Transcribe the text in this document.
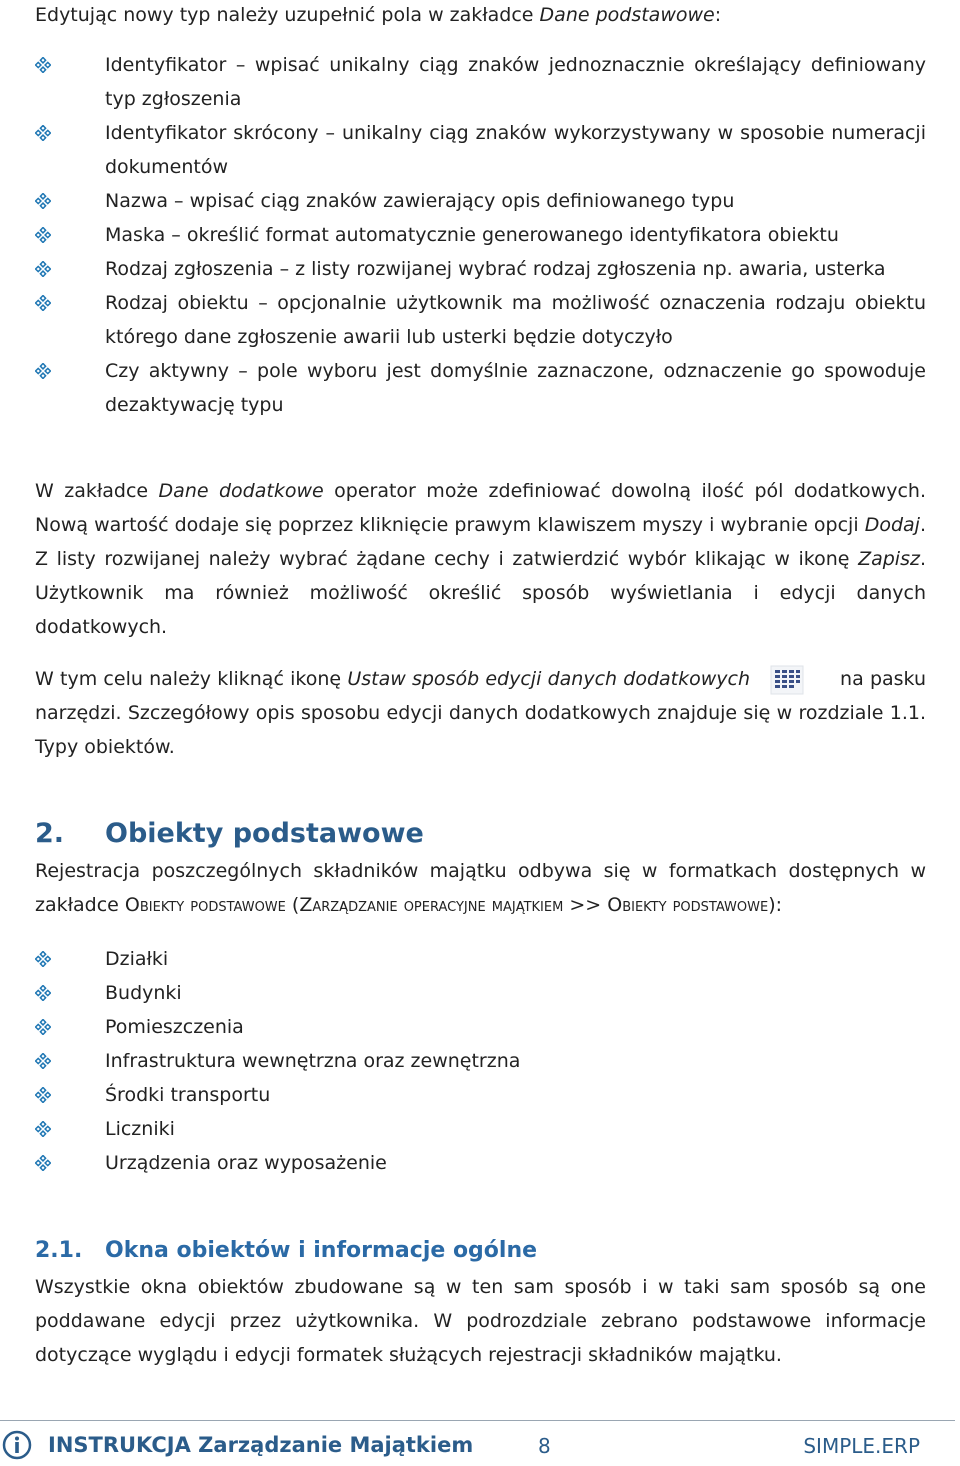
Edytując nowy typ należy uzupełnić pola w zakładce Dane podstawowe:

Identyfikator – wpisać unikalny ciąg znaków jednoznacznie określający definiowany typ zgłoszenia
Identyfikator skrócony – unikalny ciąg znaków wykorzystywany w sposobie numeracji dokumentów
Nazwa – wpisać ciąg znaków zawierający opis definiowanego typu
Maska – określić format automatycznie generowanego identyfikatora obiektu
Rodzaj zgłoszenia – z listy rozwijanej wybrać rodzaj zgłoszenia np. awaria, usterka
Rodzaj obiektu – opcjonalnie użytkownik ma możliwość oznaczenia rodzaju obiektu którego dane zgłoszenie awarii lub usterki będzie dotyczyło
Czy aktywny – pole wyboru jest domyślnie zaznaczone, odznaczenie go spowoduje dezaktywację typu

W zakładce Dane dodatkowe operator może zdefiniować dowolną ilość pól dodatkowych. Nową wartość dodaje się poprzez kliknięcie prawym klawiszem myszy i wybranie opcji Dodaj. Z listy rozwijanej należy wybrać żądane cechy i zatwierdzić wybór klikając w ikonę Zapisz. Użytkownik ma również możliwość określić sposób wyświetlania i edycji danych dodatkowych.

W tym celu należy kliknąć ikonę Ustaw sposób edycji danych dodatkowych	na pasku narzędzi. Szczegółowy opis sposobu edycji danych dodatkowych znajduje się w rozdziale 1.1. Typy obiektów.

2. Obiekty podstawowe

Rejestracja poszczególnych składników majątku odbywa się w formatkach dostępnych w zakładce Obiekty podstawowe (Zarządzanie operacyjne majątkiem >> Obiekty podstawowe):

Działki
Budynki
Pomieszczenia
Infrastruktura wewnętrzna oraz zewnętrzna
Środki transportu
Liczniki
Urządzenia oraz wyposażenie
2.1. Okna obiektów i informacje ogólne

Wszystkie okna obiektów zbudowane są w ten sam sposób i w taki sam sposób są one poddawane edycji przez użytkownika. W podrozdziale zebrano podstawowe informacje dotyczące wyglądu i edycji formatek służących rejestracji składników majątku.

INSTRUKCJA Zarządzanie Majątkiem	8	SIMPLE.ERP
